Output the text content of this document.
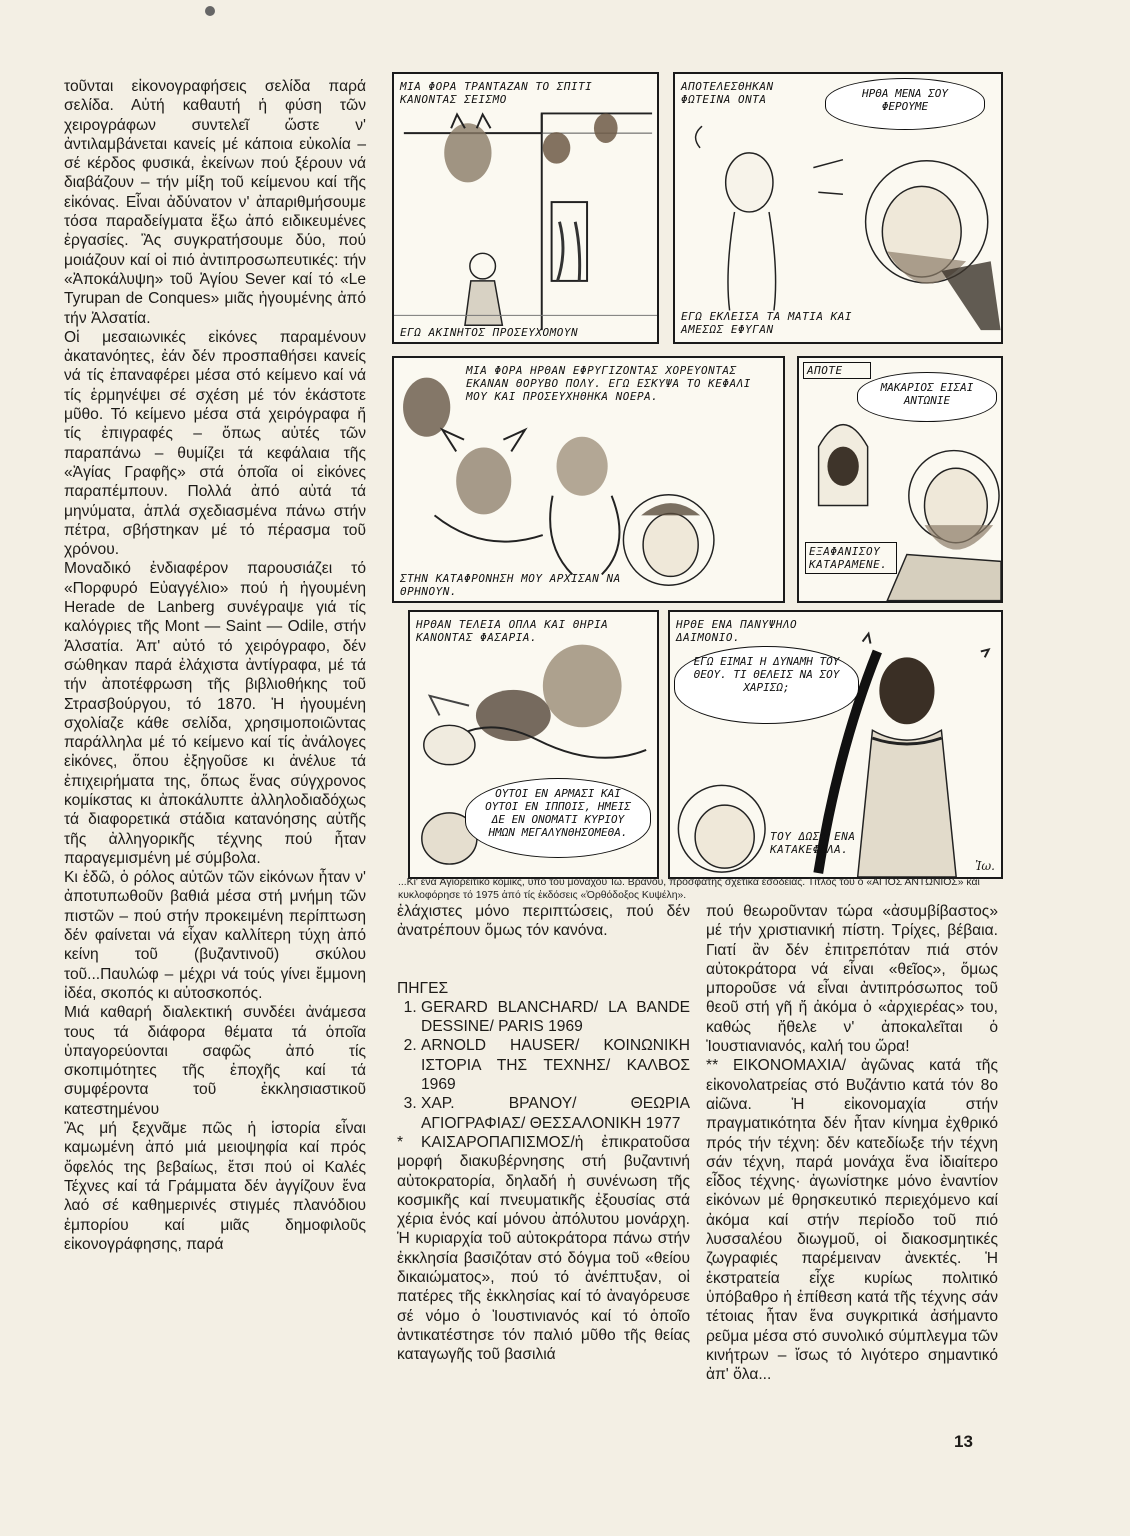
τοῦνται εἰκονογραφήσεις σελίδα παρά σελίδα. Αὐτή καθαυτή ἡ φύση τῶν χειρογράφων συντελεῖ ὥστε ν' ἀντιλαμβάνεται κανείς μέ κάποια εὐκολία – σέ κέρδος φυσικά, ἐκείνων πού ξέρουν νά διαβάζουν – τήν μίξη τοῦ κείμενου καί τῆς εἰκόνας. Εἶναι ἀδύνατον ν' ἀπαριθμήσουμε τόσα παραδείγματα ἔξω ἀπό ειδικευμένες ἐργασίες. Ἂς συγκρατήσουμε δύο, πού μοιάζουν καί οἱ πιό ἀντιπροσωπευτικές: τήν «Ἀποκάλυψη» τοῦ Ἁγίου Sever καί τό «Le Tyrupan de Conques» μιᾶς ἡγουμένης ἀπό τήν Ἀλσατία.

Οἱ μεσαιωνικές εἰκόνες παραμένουν ἀκατανόητες, ἐάν δέν προσπαθήσει κανείς νά τίς ἐπαναφέρει μέσα στό κείμενο καί νά τίς ἑρμηνέψει σέ σχέση μέ τόν ἑκάστοτε μῦθο. Τό κείμενο μέσα στά χειρόγραφα ἤ τίς ἐπιγραφές – ὅπως αὐτές τῶν παραπάνω – θυμίζει τά κεφάλαια τῆς «Ἁγίας Γραφῆς» στά ὁποῖα οἱ εἰκόνες παραπέμπουν. Πολλά ἀπό αὐτά τά μηνύματα, ἁπλά σχεδιασμένα πάνω στήν πέτρα, σβήστηκαν μέ τό πέρασμα τοῦ χρόνου.

Μοναδικό ἐνδιαφέρον παρουσιάζει τό «Πορφυρό Εὐαγγέλιο» πού ἡ ἡγουμένη Herade de Lanberg συνέγραψε γιά τίς καλόγριες τῆς Mont — Saint — Odile, στήν Ἀλσατία. Ἀπ' αὐτό τό χειρόγραφο, δέν σώθηκαν παρά ἐλάχιστα ἀντίγραφα, μέ τά τήν ἀποτέφρωση τῆς βιβλιοθήκης τοῦ Στρασβούργου, τό 1870. Ἡ ἡγουμένη σχολίαζε κάθε σελίδα, χρησιμοποιῶντας παράλληλα μέ τό κείμενο καί τίς ἀνάλογες εἰκόνες, ὅπου ἐξηγοῦσε κι ἀνέλυε τά ἐπιχειρήματα της, ὅπως ἕνας σύγχρονος κομίκστας κι ἀποκάλυπτε ἀλληλοδιαδόχως τά διαφορετικά στάδια κατανόησης αὐτῆς τῆς ἀλληγορικῆς τέχνης πού ἦταν παραγεμισμένη μέ σύμβολα.

Κι ἐδῶ, ὁ ρόλος αὐτῶν τῶν εἰκόνων ἦταν ν' ἀποτυπωθοῦν βαθιά μέσα στή μνήμη τῶν πιστῶν – πού στήν προκειμένη περίπτωση δέν φαίνεται νά εἶχαν καλλίτερη τύχη ἀπό κείνη τοῦ (βυζαντινοῦ) σκύλου τοῦ...Παυλώφ – μέχρι νά τούς γίνει ἔμμονη ἰδέα, σκοπός κι αὐτοσκοπός.

Μιά καθαρή διαλεκτική συνδέει ἀνάμεσα τους τά διάφορα θέματα τά ὁποῖα ὑπαγορεύονται σαφῶς ἀπό τίς σκοπιμότητες τῆς ἐποχῆς καί τά συμφέροντα τοῦ ἐκκλησιαστικοῦ κατεστημένου

Ἂς μή ξεχνᾶμε πῶς ἡ ἱστορία εἶναι καμωμένη ἀπό μιά μειοψηφία καί πρός ὄφελός της βεβαίως, ἔτσι πού οἱ Καλές Τέχνες καί τά Γράμματα δέν ἀγγίζουν ἕνα λαό σέ καθημερινές στιγμές πλανόδιου ἐμπορίου καί μιᾶς δημοφιλοῦς εἰκονογράφησης, παρά

ΜΙΑ ΦΟΡΑ ΤΡΑΝΤΑΖΑΝ ΤΟ ΣΠΙΤΙ ΚΑΝΟΝΤΑΣ ΣΕΙΣΜΟ
ΕΓΩ ΑΚΙΝΗΤΟΣ ΠΡΟΣΕΥΧΟΜΟΥΝ
ΑΠΟΤΕΛΕΣΘΗΚΑΝ ΦΩΤΕΙΝΑ ΟΝΤΑ	ΗΡΘΑ ΜΕΝΑ ΣΟΥ ΦΕΡΟΥΜΕ
ΕΓΩ ΕΚΛΕΙΣΑ ΤΑ ΜΑΤΙΑ ΚΑΙ ΑΜΕΣΩΣ ΕΦΥΓΑΝ
ΜΙΑ ΦΟΡΑ ΗΡΘΑΝ ΕΦΡΥΓΙΖΟΝΤΑΣ ΧΟΡΕΥΟΝΤΑΣ ΕΚΑΝΑΝ ΘΟΡΥΒΟ ΠΟΛΥ. ΕΓΩ ΕΣΚΥΨΑ ΤΟ ΚΕΦΑΛΙ ΜΟΥ ΚΑΙ ΠΡΟΣΕΥΧΗΘΗΚΑ ΝΟΕΡΑ.
ΣΤΗΝ ΚΑΤΑΦΡΟΝΗΣΗ ΜΟΥ ΑΡΧΙΣΑΝ ΝΑ ΘΡΗΝΟΥΝ.
ΑΠΟΤΕ
ΜΑΚΑΡΙΟΣ ΕΙΣΑΙ ΑΝΤΩΝΙΕ
ΕΞΑΦΑΝΙΣΟΥ ΚΑΤΑΡΑΜΕΝΕ.
ΗΡΘΑΝ ΤΕΛΕΙΑ ΟΠΛΑ ΚΑΙ ΘΗΡΙΑ ΚΑΝΟΝΤΑΣ ΦΑΣΑΡΙΑ.
ΟΥΤΟΙ ΕΝ ΑΡΜΑΣΙ ΚΑΙ ΟΥΤΟΙ ΕΝ ΙΠΠΟΙΣ, ΗΜΕΙΣ ΔΕ ΕΝ ΟΝΟΜΑΤΙ ΚΥΡΙΟΥ ΗΜΩΝ ΜΕΓΑΛΥΝΘΗΣΟΜΕΘΑ.
ΗΡΘΕ ΕΝΑ ΠΑΝΥΨΗΛΟ ΔΑΙΜΟΝΙΟ.
ΕΓΩ ΕΙΜΑΙ Η ΔΥΝΑΜΗ ΤΟΥ ΘΕΟΥ. ΤΙ ΘΕΛΕΙΣ ΝΑ ΣΟΥ ΧΑΡΙΣΩ;
ΤΟΥ ΔΩΣΑ ΕΝΑ ΚΑΤΑΚΕΦΑΛΑ.
Ἰω.
...Κι' ἕνα Ἁγιορείτικο κόμικς, ὑπό τοῦ μοναχοῦ Ἰω. Βράνου, πρόσφατης σχετικά ἐσοδείας. Τίτλος του ὁ «ΑΓΙΟΣ ΑΝΤΩΝΙΟΣ» καί κυκλοφόρησε τό 1975 ἀπό τίς ἐκδόσεις «Ὀρθόδοξος Κυψέλη».

ἐλάχιστες μόνο περιπτώσεις, πού δέν ἀνατρέπουν ὅμως τόν κανόνα.

ΠΗΓΕΣ

1. GERARD BLANCHARD/ LA BANDE DESSINE/ PARIS 1969
2. ARNOLD HAUSER/ ΚΟΙΝΩΝΙΚΗ ΙΣΤΟΡΙΑ ΤΗΣ ΤΕΧΝΗΣ/ ΚΑΛΒΟΣ 1969
3. ΧΑΡ. ΒΡΑΝΟΥ/ ΘΕΩΡΙΑ ΑΓΙΟΓΡΑΦΙΑΣ/ ΘΕΣΣΑΛΟΝΙΚΗ 1977

* ΚΑΙΣΑΡΟΠΑΠΙΣΜΟΣ/ἡ ἐπικρατοῦσα μορφή διακυβέρνησης στή βυζαντινή αὐτοκρατορία, δηλαδή ἡ συνένωση τῆς κοσμικῆς καί πνευματικῆς ἐξουσίας στά χέρια ἑνός καί μόνου ἀπόλυτου μονάρχη. Ἡ κυριαρχία τοῦ αὐτοκράτορα πάνω στήν ἐκκλησία βασιζόταν στό δόγμα τοῦ «θείου δικαιώματος», πού τό ἀνέπτυξαν, οἱ πατέρες τῆς ἐκκλησίας καί τό ἀναγόρευσε σέ νόμο ὁ Ἰουστινιανός καί τό ὁποῖο ἀντικατέστησε τόν παλιό μῦθο τῆς θείας καταγωγῆς τοῦ βασιλιά

πού θεωροῦνταν τώρα «ἀσυμβίβαστος» μέ τήν χριστιανική πίστη. Τρίχες, βέβαια. Γιατί ἂν δέν ἐπιτρεπόταν πιά στόν αὐτοκράτορα νά εἶναι «θεῖος», ὅμως μποροῦσε νά εἶναι ἀντιπρόσωπος τοῦ θεοῦ στή γῆ ἤ ἀκόμα ὁ «ἀρχιερέας» του, καθώς ἤθελε ν' ἀποκαλεῖται ὁ Ἰουστιανιανός, καλή του ὥρα!

** ΕΙΚΟΝΟΜΑΧΙΑ/ ἀγῶνας κατά τῆς εἰκονολατρείας στό Βυζάντιο κατά τόν 8ο αἰῶνα. Ἡ εἰκονομαχία στήν πραγματικότητα δέν ἦταν κίνημα ἐχθρικό πρός τήν τέχνη: δέν κατεδίωξε τήν τέχνη σάν τέχνη, παρά μονάχα ἕνα ἰδιαίτερο εἶδος τέχνης· ἀγωνίστηκε μόνο ἐναντίον εἰκόνων μέ θρησκευτικό περιεχόμενο καί ἀκόμα καί στήν περίοδο τοῦ πιό λυσσαλέου διωγμοῦ, οἱ διακοσμητικές ζωγραφιές παρέμειναν ἀνεκτές. Ἡ ἐκστρατεία εἶχε κυρίως πολιτικό ὑπόβαθρο ἡ ἐπίθεση κατά τῆς τέχνης σάν τέτοιας ἦταν ἕνα συγκριτικά ἀσήμαντο ρεῦμα μέσα στό συνολικό σύμπλεγμα τῶν κινήτρων – ἴσως τό λιγότερο σημαντικό ἀπ' ὅλα...

13
